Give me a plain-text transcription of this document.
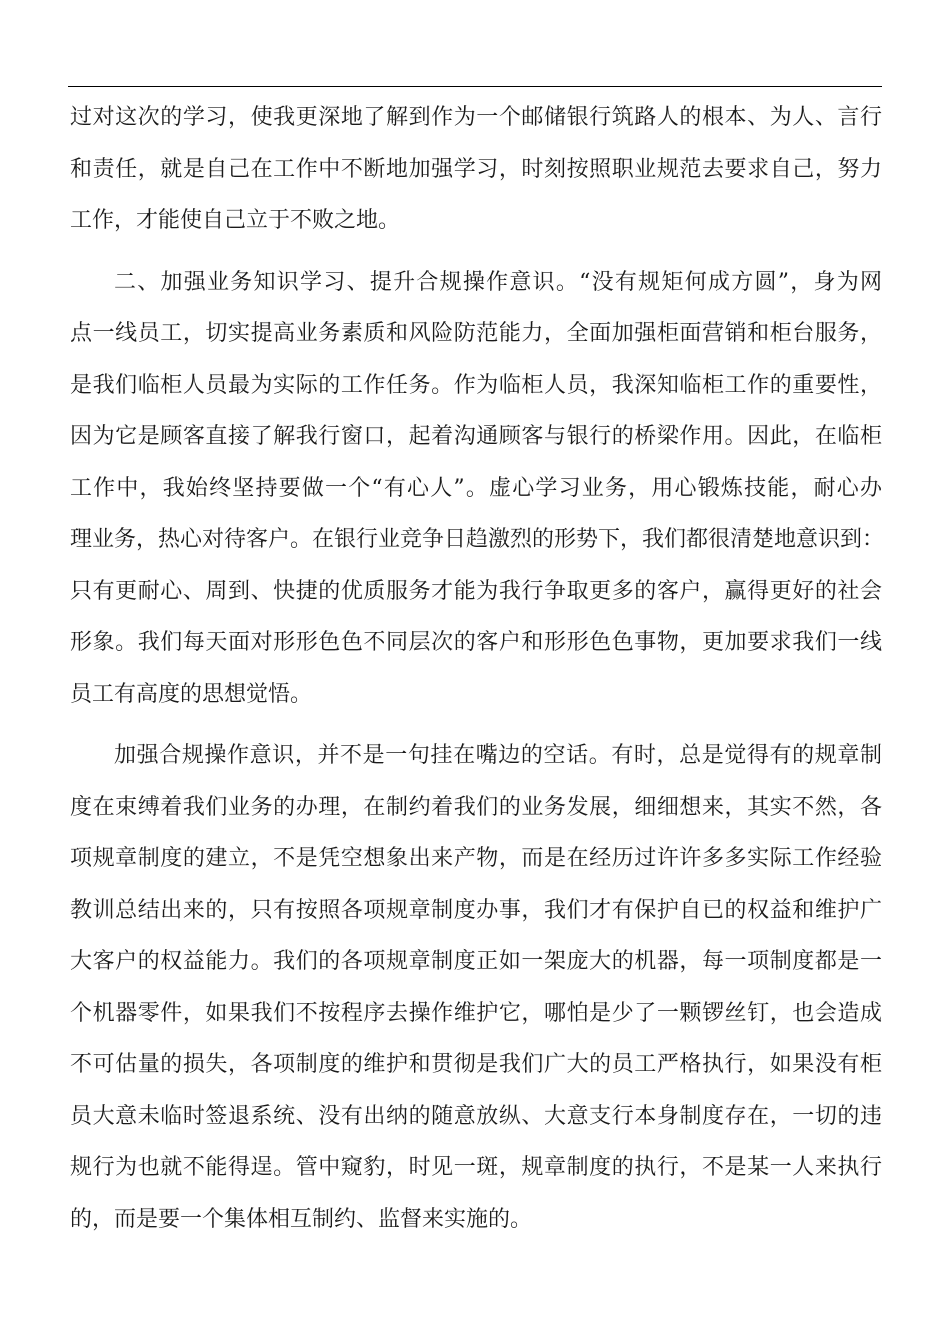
过对这次的学习，使我更深地了解到作为一个邮储银行筑路人的根本、为人、言行
和责任，就是自己在工作中不断地加强学习，时刻按照职业规范去要求自己，努力
工作，才能使自己立于不败之地。
二、加强业务知识学习、提升合规操作意识。“没有规矩何成方圆”，身为网
点一线员工，切实提高业务素质和风险防范能力，全面加强柜面营销和柜台服务，
是我们临柜人员最为实际的工作任务。作为临柜人员，我深知临柜工作的重要性，
因为它是顾客直接了解我行窗口，起着沟通顾客与银行的桥梁作用。因此，在临柜
工作中，我始终坚持要做一个“有心人”。虚心学习业务，用心锻炼技能，耐心办
理业务，热心对待客户。在银行业竞争日趋激烈的形势下，我们都很清楚地意识到：
只有更耐心、周到、快捷的优质服务才能为我行争取更多的客户，赢得更好的社会
形象。我们每天面对形形色色不同层次的客户和形形色色事物，更加要求我们一线
员工有高度的思想觉悟。
加强合规操作意识，并不是一句挂在嘴边的空话。有时，总是觉得有的规章制
度在束缚着我们业务的办理，在制约着我们的业务发展，细细想来，其实不然，各
项规章制度的建立，不是凭空想象出来产物，而是在经历过许许多多实际工作经验
教训总结出来的，只有按照各项规章制度办事，我们才有保护自已的权益和维护广
大客户的权益能力。我们的各项规章制度正如一架庞大的机器，每一项制度都是一
个机器零件，如果我们不按程序去操作维护它，哪怕是少了一颗锣丝钉，也会造成
不可估量的损失，各项制度的维护和贯彻是我们广大的员工严格执行，如果没有柜
员大意未临时签退系统、没有出纳的随意放纵、大意支行本身制度存在，一切的违
规行为也就不能得逞。管中窥豹，时见一斑，规章制度的执行，不是某一人来执行
的，而是要一个集体相互制约、监督来实施的。
